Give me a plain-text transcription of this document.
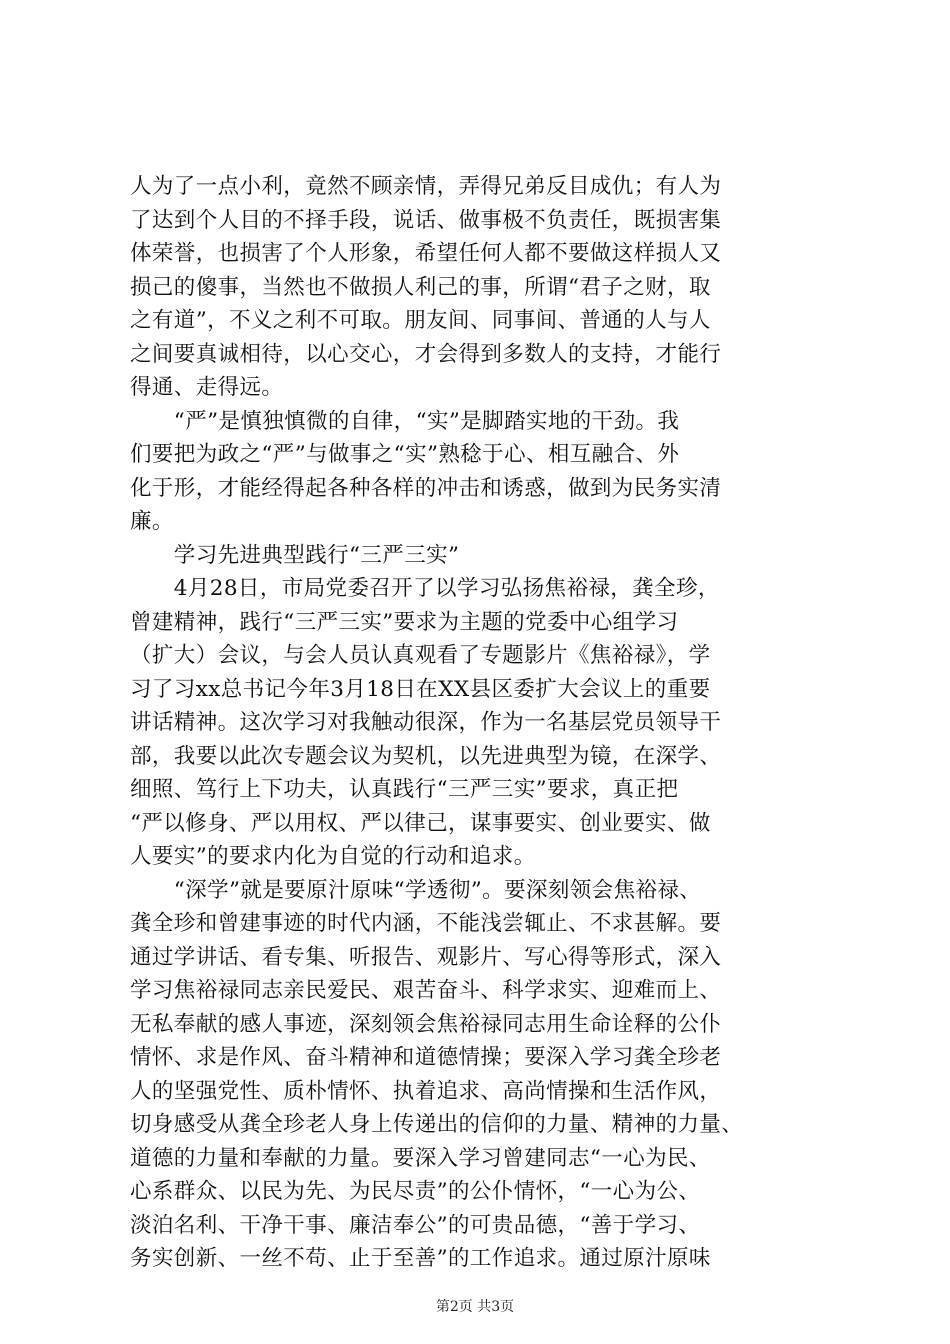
人为了一点小利，竟然不顾亲情，弄得兄弟反目成仇；有人为
了达到个人目的不择手段，说话、做事极不负责任，既损害集
体荣誉，也损害了个人形象，希望任何人都不要做这样损人又
损己的傻事，当然也不做损人利己的事，所谓“君子之财，取
之有道”，不义之利不可取。朋友间、同事间、普通的人与人
之间要真诚相待，以心交心，才会得到多数人的支持，才能行
得通、走得远。
　　“严”是慎独慎微的自律，“实”是脚踏实地的干劲。我
们要把为政之“严”与做事之“实”熟稔于心、相互融合、外
化于形，才能经得起各种各样的冲击和诱惑，做到为民务实清
廉。
　　学习先进典型践行“三严三实”
　　4月28日，市局党委召开了以学习弘扬焦裕禄，龚全珍，
曾建精神，践行“三严三实”要求为主题的党委中心组学习
（扩大）会议，与会人员认真观看了专题影片《焦裕禄》，学
习了习xx总书记今年3月18日在XX县区委扩大会议上的重要
讲话精神。这次学习对我触动很深，作为一名基层党员领导干
部，我要以此次专题会议为契机，以先进典型为镜，在深学、
细照、笃行上下功夫，认真践行“三严三实”要求，真正把
“严以修身、严以用权、严以律己，谋事要实、创业要实、做
人要实”的要求内化为自觉的行动和追求。
　　“深学”就是要原汁原味“学透彻”。要深刻领会焦裕禄、
龚全珍和曾建事迹的时代内涵，不能浅尝辄止、不求甚解。要
通过学讲话、看专集、听报告、观影片、写心得等形式，深入
学习焦裕禄同志亲民爱民、艰苦奋斗、科学求实、迎难而上、
无私奉献的感人事迹，深刻领会焦裕禄同志用生命诠释的公仆
情怀、求是作风、奋斗精神和道德情操；要深入学习龚全珍老
人的坚强党性、质朴情怀、执着追求、高尚情操和生活作风，
切身感受从龚全珍老人身上传递出的信仰的力量、精神的力量、
道德的力量和奉献的力量。要深入学习曾建同志“一心为民、
心系群众、以民为先、为民尽责”的公仆情怀，“一心为公、
淡泊名利、干净干事、廉洁奉公”的可贵品德，“善于学习、
务实创新、一丝不苟、止于至善”的工作追求。通过原汁原味
第2页 共3页
